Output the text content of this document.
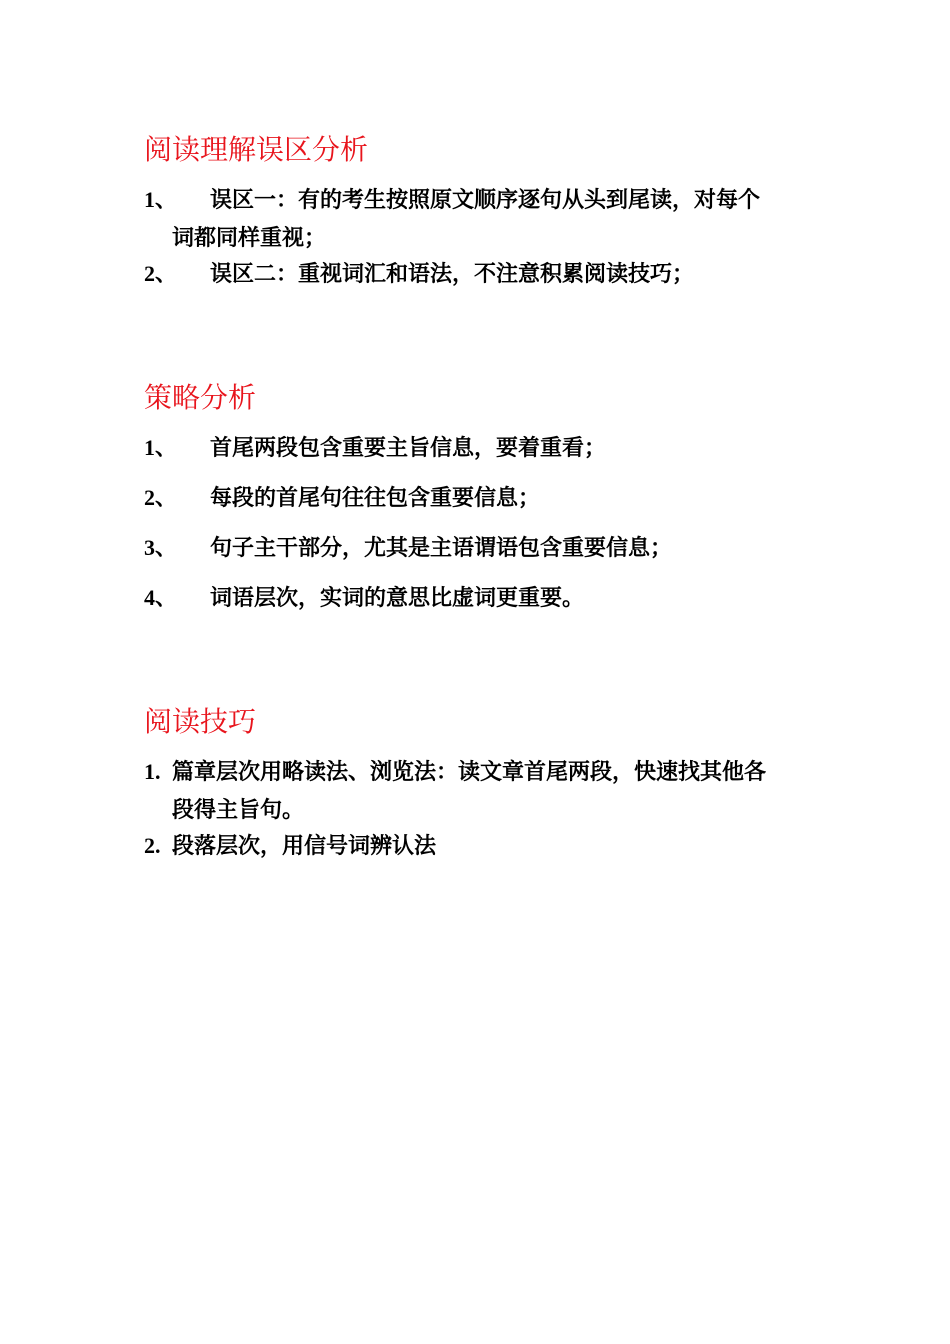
阅读理解误区分析
1、 误区一：有的考生按照原文顺序逐句从头到尾读，对每个
词都同样重视；
2、 误区二：重视词汇和语法，不注意积累阅读技巧；
策略分析
1、 首尾两段包含重要主旨信息，要着重看；
2、 每段的首尾句往往包含重要信息；
3、 句子主干部分，尤其是主语谓语包含重要信息；
4、 词语层次，实词的意思比虚词更重要。
阅读技巧
1. 篇章层次用略读法、浏览法：读文章首尾两段，快速找其他各
段得主旨句。
2. 段落层次，用信号词辨认法
